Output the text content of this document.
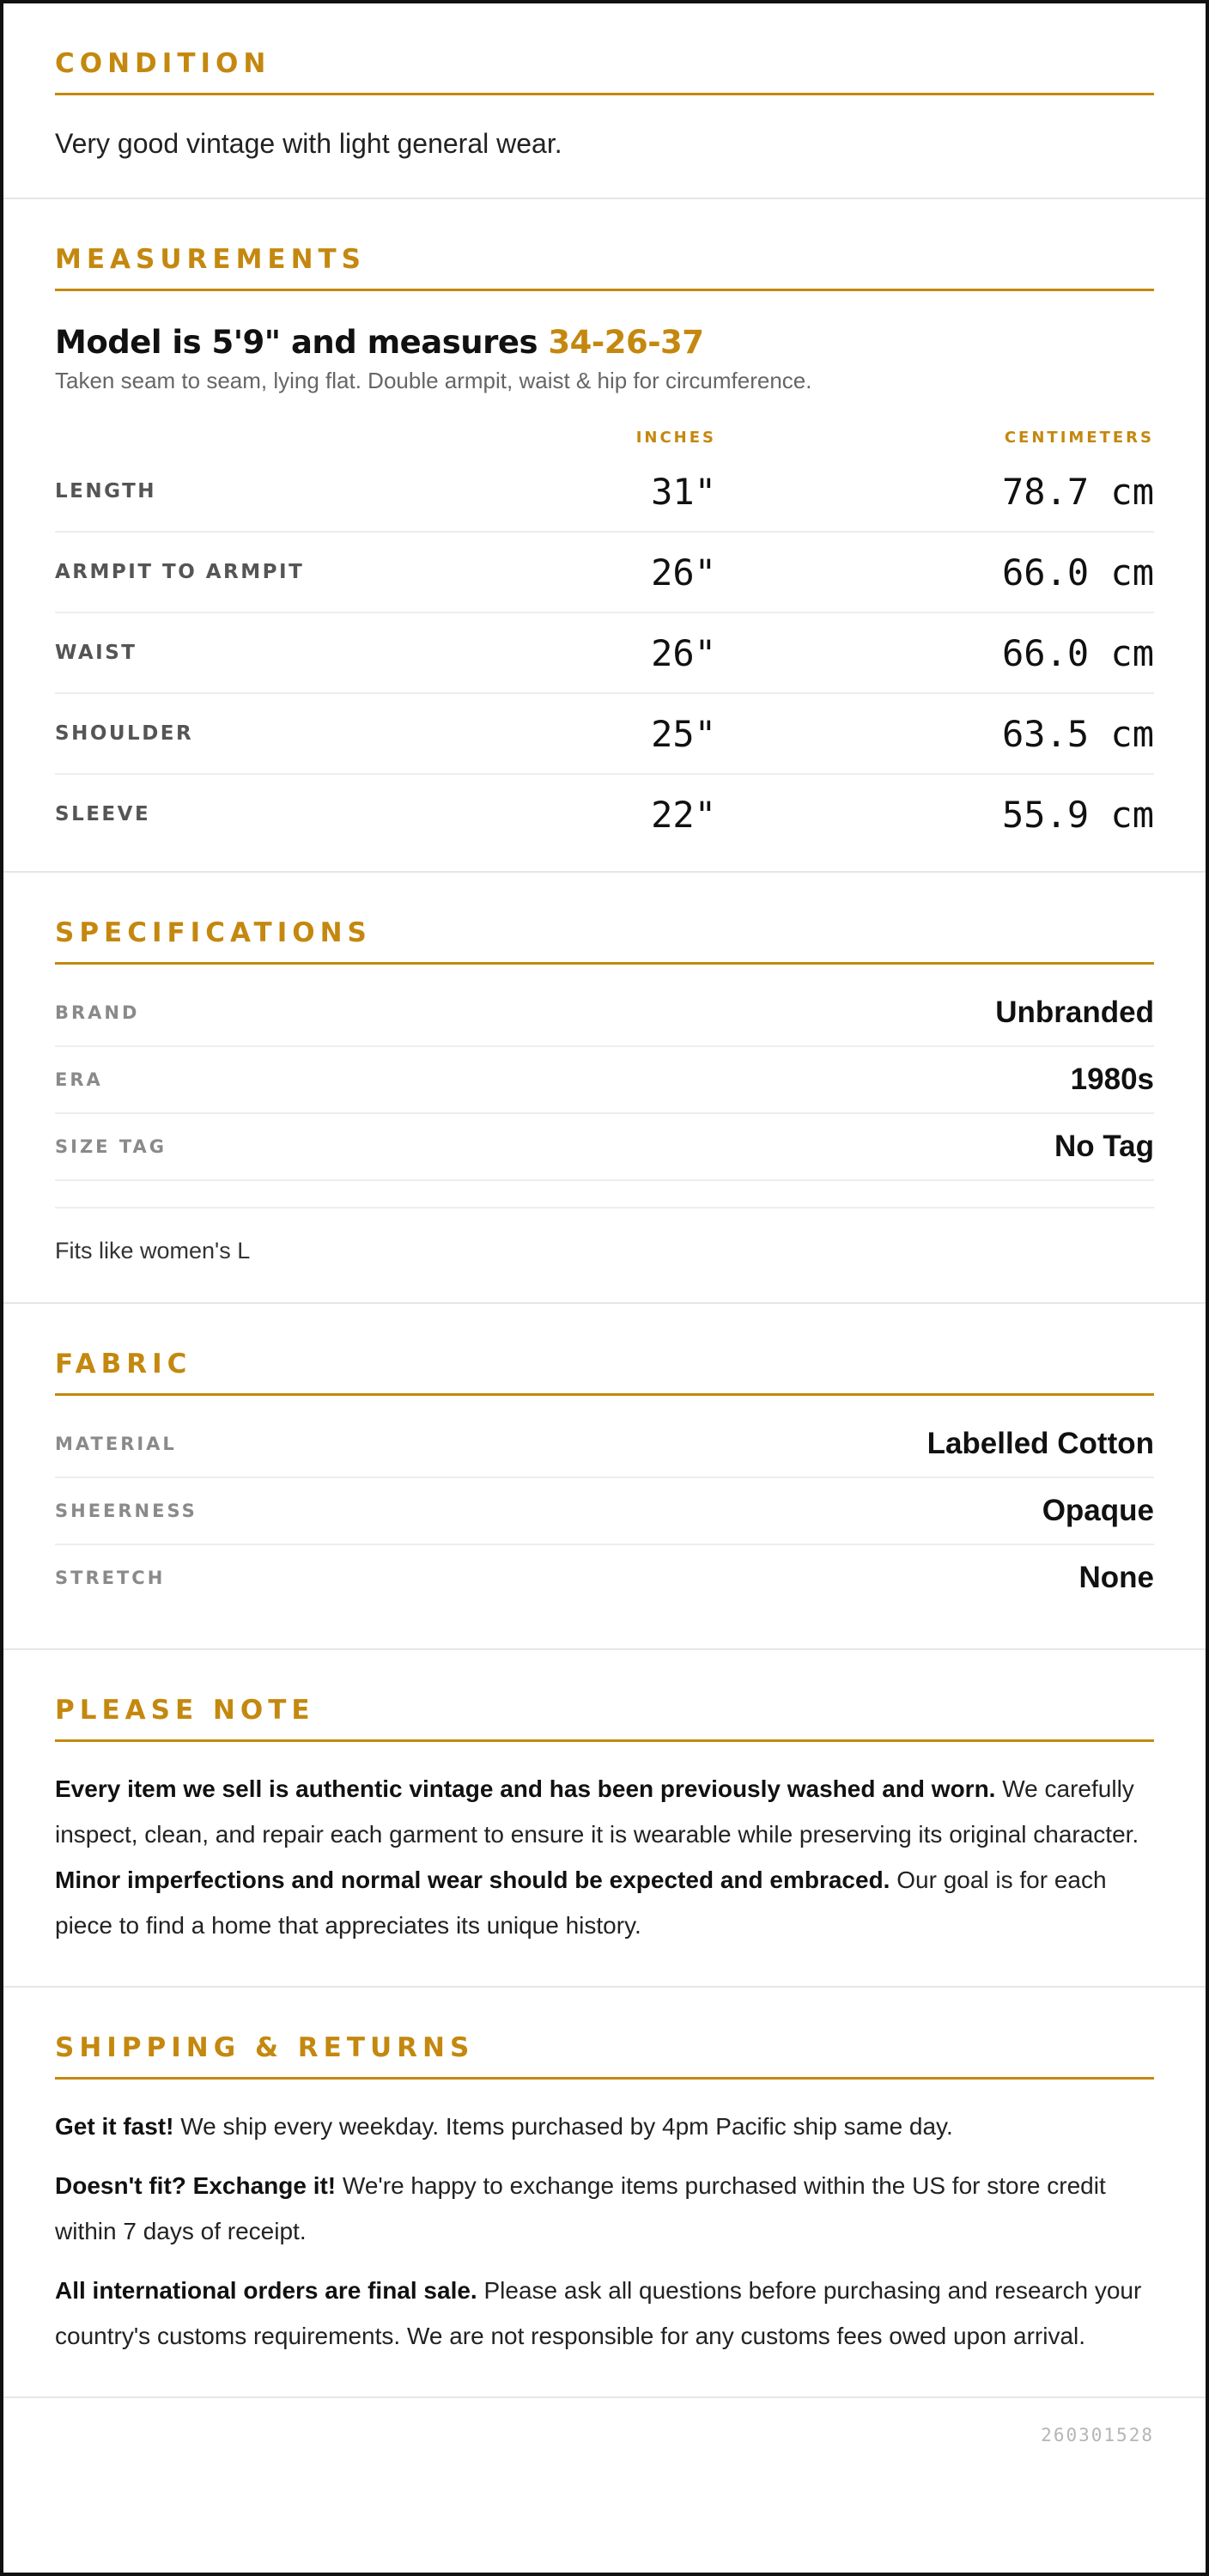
CONDITION
Very good vintage with light general wear.
MEASUREMENTS
Model is 5'9" and measures 34-26-37
Taken seam to seam, lying flat. Double armpit, waist & hip for circumference.
INCHES	CENTIMETERS
LENGTH	31"	78.7 cm
ARMPIT TO ARMPIT	26"	66.0 cm
WAIST	26"	66.0 cm
SHOULDER	25"	63.5 cm
SLEEVE	22"	55.9 cm
SPECIFICATIONS
BRAND	Unbranded
ERA	1980s
SIZE TAG	No Tag
Fits like women's L
FABRIC
MATERIAL	Labelled Cotton
SHEERNESS	Opaque
STRETCH	None
PLEASE NOTE
Every item we sell is authentic vintage and has been previously washed and worn. We carefully inspect, clean, and repair each garment to ensure it is wearable while preserving its original character. Minor imperfections and normal wear should be expected and embraced. Our goal is for each piece to find a home that appreciates its unique history.
SHIPPING & RETURNS
Get it fast! We ship every weekday. Items purchased by 4pm Pacific ship same day.
Doesn't fit? Exchange it! We're happy to exchange items purchased within the US for store credit within 7 days of receipt.
All international orders are final sale. Please ask all questions before purchasing and research your country's customs requirements. We are not responsible for any customs fees owed upon arrival.
260301528
